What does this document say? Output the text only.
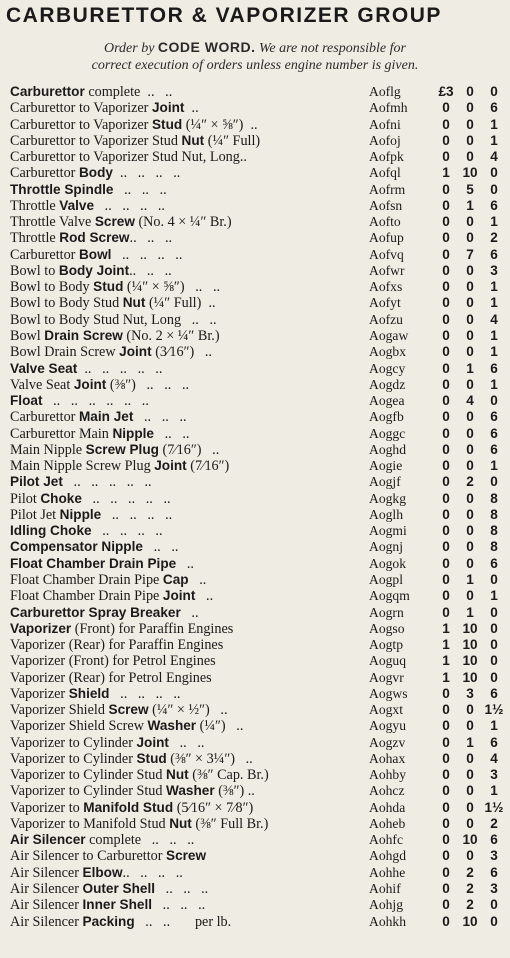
CARBURETTOR & VAPORIZER GROUP
Order by CODE WORD. We are not responsible for
correct execution of orders unless engine number is given.
Carburettor complete  ..   ..	Aoflg	£3 0	0
Carburettor to Vaporizer Joint  ..	Aofmh	0	0	6
Carburettor to Vaporizer Stud (¼″ × ⅝″)  ..	Aofni	0	0	1
Carburettor to Vaporizer Stud Nut (¼″ Full)	Aofoj	0	0	1
Carburettor to Vaporizer Stud Nut, Long..	Aofpk	0	0	4
Carburettor Body  ..   ..   ..   ..	Aofql	1 10 0
Throttle Spindle   ..   ..   ..	Aofrm	0	5	0
Throttle Valve   ..   ..   ..   ..	Aofsn	0	1	6
Throttle Valve Screw (No. 4 × ¼″ Br.)	Aofto	0	0	1
Throttle Rod Screw..   ..   ..	Aofup	0	0	2
Carburettor Bowl   ..   ..   ..   ..	Aofvq	0	7	6
Bowl to Body Joint..   ..   ..	Aofwr	0	0	3
Bowl to Body Stud (¼″ × ⅝″)   ..   ..	Aofxs	0	0	1
Bowl to Body Stud Nut (¼″ Full)  ..	Aofyt	0	0	1
Bowl to Body Stud Nut, Long   ..   ..	Aofzu	0	0	4
Bowl Drain Screw (No. 2 × ¼″ Br.)	Aogaw	0	0	1
Bowl Drain Screw Joint (3⁄16″)   ..	Aogbx	0	0	1
Valve Seat  ..   ..   ..   ..   ..	Aogcy	0	1	6
Valve Seat Joint (⅜″)   ..   ..   ..	Aogdz	0	0	1
Float   ..   ..   ..   ..   ..   ..	Aogea	0	4	0
Carburettor Main Jet   ..   ..   ..	Aogfb	0	0	6
Carburettor Main Nipple   ..   ..	Aoggc	0	0	6
Main Nipple Screw Plug (7⁄16″)   ..	Aoghd	0	0	6
Main Nipple Screw Plug Joint (7⁄16″)	Aogie	0	0	1
Pilot Jet   ..   ..   ..   ..   ..	Aogjf	0	2	0
Pilot Choke   ..   ..   ..   ..   ..	Aogkg	0	0	8
Pilot Jet Nipple   ..   ..   ..   ..	Aoglh	0	0	8
Idling Choke   ..   ..   ..   ..	Aogmi	0	0	8
Compensator Nipple   ..   ..	Aognj	0	0	8
Float Chamber Drain Pipe   ..	Aogok	0	0	6
Float Chamber Drain Pipe Cap   ..	Aogpl	0	1	0
Float Chamber Drain Pipe Joint   ..	Aogqm	0	0	1
Carburettor Spray Breaker   ..	Aogrn	0	1	0
Vaporizer (Front) for Paraffin Engines	Aogso	1 10 0
Vaporizer (Rear) for Paraffin Engines	Aogtp	1 10 0
Vaporizer (Front) for Petrol Engines	Aoguq	1 10 0
Vaporizer (Rear) for Petrol Engines	Aogvr	1 10 0
Vaporizer Shield   ..   ..   ..   ..	Aogws	0	3	6
Vaporizer Shield Screw (¼″ × ½″)   ..	Aogxt	0	0 1½
Vaporizer Shield Screw Washer (¼″)   ..	Aogyu	0	0	1
Vaporizer to Cylinder Joint   ..   ..	Aogzv	0	1	6
Vaporizer to Cylinder Stud (⅜″ × 3¼″)   ..	Aohax	0	0	4
Vaporizer to Cylinder Stud Nut (⅜″ Cap. Br.)	Aohby	0	0	3
Vaporizer to Cylinder Stud Washer (⅜″) ..	Aohcz	0	0	1
Vaporizer to Manifold Stud (5⁄16″ × 7⁄8″)	Aohda	0	0 1½
Vaporizer to Manifold Stud Nut (⅜″ Full Br.)	Aoheb	0	0	2
Air Silencer complete   ..   ..   ..	Aohfc	0 10 6
Air Silencer to Carburettor Screw	Aohgd	0	0	3
Air Silencer Elbow..   ..   ..   ..	Aohhe	0	2	6
Air Silencer Outer Shell   ..   ..   ..	Aohif	0	2	3
Air Silencer Inner Shell   ..   ..   ..	Aohjg	0	2	0
Air Silencer Packing   ..   ..       per lb.	Aohkh	0 10 0
